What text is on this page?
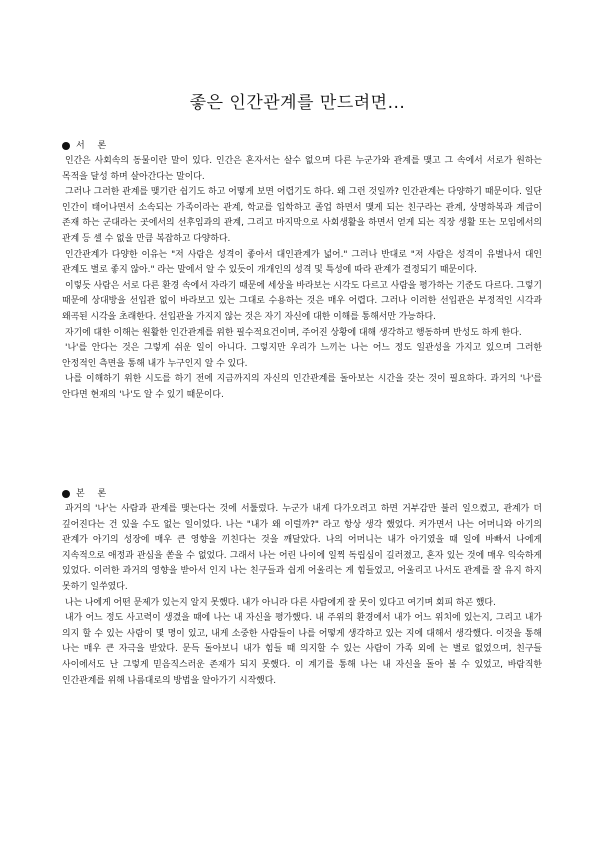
좋은 인간관계를 만드려면...
서 론

인간은 사회속의 동물이란 말이 있다. 인간은 혼자서는 살수 없으며 다른 누군가와 관계를 맺고 그 속에서 서로가 원하는 목적을 달성 하며 살아간다는 말이다.

그러나 그러한 관계를 맺기란 쉽기도 하고 어떻게 보면 어렵기도 하다. 왜 그런 것일까? 인간관계는 다양하기 때문이다. 일단 인간이 태어나면서 소속되는 가족이라는 관계, 학교를 입학하고 졸업 하면서 맺게 되는 친구라는 관계, 상명하복과 계급이 존재 하는 군대라는 곳에서의 선후임과의 관계, 그리고 마지막으로 사회생활을 하면서 얻게 되는 직장 생활 또는 모임에서의 관계 등 셀 수 없을 만큼 복잡하고 다양하다.

인간관계가 다양한 이유는 "저 사람은 성격이 좋아서 대인관계가 넓어." 그러나 반대로 "저 사람은 성격이 유별나서 대인 관계도 별로 좋지 않아." 라는 말에서 알 수 있듯이 개개인의 성격 및 특성에 따라 관계가 결정되기 때문이다.

이렇듯 사람은 서로 다른 환경 속에서 자라기 때문에 세상을 바라보는 시각도 다르고 사람을 평가하는 기준도 다르다. 그렇기 때문에 상대방을 선입관 없이 바라보고 있는 그대로 수용하는 것은 매우 어렵다. 그러나 이러한 선입관은 부정적인 시각과 왜곡된 시각을 초래한다. 선입관을 가지지 않는 것은 자기 자신에 대한 이해를 통해서만 가능하다.

자기에 대한 이해는 원활한 인간관계를 위한 필수적요건이며, 주어진 상황에 대해 생각하고 행동하며 반성도 하게 한다.

'나'를 안다는 것은 그렇게 쉬운 일이 아니다. 그렇지만 우리가 느끼는 나는 어느 정도 일관성을 가지고 있으며 그러한 안정적인 측면을 통해 내가 누구인지 알 수 있다.

나를 이해하기 위한 시도를 하기 전에 지금까지의 자신의 인간관계를 돌아보는 시간을 갖는 것이 필요하다. 과거의 '나'를 안다면 현재의 '나'도 알 수 있기 때문이다.

본 론

과거의 '나'는 사람과 관계를 맺는다는 것에 서툴렀다. 누군가 내게 다가오려고 하면 거부감만 불러 일으켰고, 관계가 더 깊어진다는 건 있을 수도 없는 일이었다. 나는 "내가 왜 이럴까?" 라고 항상 생각 했었다. 커가면서 나는 어머니와 아기의 관계가 아기의 성장에 매우 큰 영향을 끼친다는 것을 깨달았다. 나의 어머니는 내가 아기였을 때 일에 바빠서 나에게 지속적으로 애정과 관심을 쏟을 수 없었다. 그래서 나는 어린 나이에 일찍 독립심이 길러졌고, 혼자 있는 것에 매우 익숙하게 있었다. 이러한 과거의 영향을 받아서 인지 나는 친구들과 쉽게 어울리는 게 힘들었고, 어울리고 나서도 관계를 잘 유지 하지 못하기 일쑤였다.

나는 나에게 어떤 문제가 있는지 알지 못했다. 내가 아니라 다른 사람에게 잘 못이 있다고 여기며 회피 하곤 했다.

내가 어느 정도 사고력이 생겼을 때에 나는 내 자신을 평가했다. 내 주위의 환경에서 내가 어느 위치에 있는지, 그리고 내가 의지 할 수 있는 사람이 몇 명이 있고, 내게 소중한 사람들이 나를 어떻게 생각하고 있는 지에 대해서 생각했다. 이것을 통해 나는 매우 큰 자극을 받았다. 문득 돌아보니 내가 힘들 때 의지할 수 있는 사람이 가족 외에 는 별로 없었으며, 친구들 사이에서도 난 그렇게 믿음직스러운 존재가 되지 못했다. 이 계기를 통해 나는 내 자신을 돌아 볼 수 있었고, 바람직한 인간관계를 위해 나름대로의 방법을 알아가기 시작했다.
